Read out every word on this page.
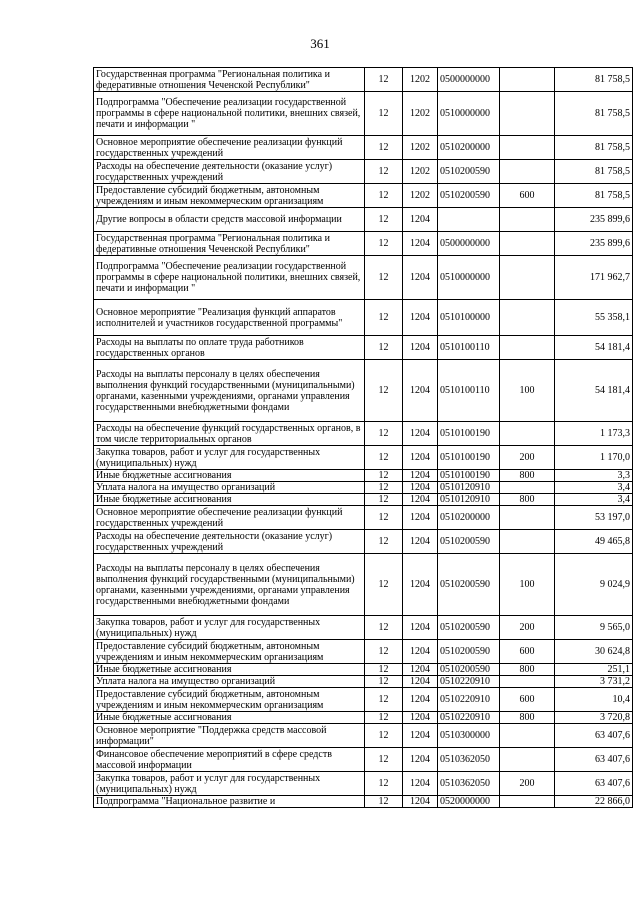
361
Государственная программа "Региональная политика и федеративные отношения Чеченской Республики"	12	1202	0500000000		81 758,5
Подпрограмма "Обеспечение реализации государственной программы в сфере национальной политики, внешних связей, печати и информации "	12	1202	0510000000		81 758,5
Основное мероприятие обеспечение реализации функций государственных учреждений	12	1202	0510200000		81 758,5
Расходы на обеспечение деятельности (оказание услуг) государственных учреждений	12	1202	0510200590		81 758,5
Предоставление субсидий бюджетным, автономным учреждениям и иным некоммерческим организациям	12	1202	0510200590	600	81 758,5
Другие вопросы в области средств массовой информации	12	1204			235 899,6
Государственная программа "Региональная политика и федеративные отношения Чеченской Республики"	12	1204	0500000000		235 899,6
Подпрограмма "Обеспечение реализации государственной программы в сфере национальной политики, внешних связей, печати и информации "	12	1204	0510000000		171 962,7
Основное мероприятие "Реализация функций аппаратов исполнителей и участников государственной программы"	12	1204	0510100000		55 358,1
Расходы на выплаты по оплате труда работников государственных органов	12	1204	0510100110		54 181,4
Расходы на выплаты персоналу в целях обеспечения выполнения функций государственными (муниципальными) органами, казенными учреждениями, органами управления государственными внебюджетными фондами	12	1204	0510100110	100	54 181,4
Расходы на обеспечение функций государственных органов, в том числе территориальных органов	12	1204	0510100190		1 173,3
Закупка товаров, работ и услуг для государственных (муниципальных) нужд	12	1204	0510100190	200	1 170,0
Иные бюджетные ассигнования	12	1204	0510100190	800	3,3
Уплата налога на имущество организаций	12	1204	0510120910		3,4
Иные бюджетные ассигнования	12	1204	0510120910	800	3,4
Основное мероприятие обеспечение реализации функций государственных учреждений	12	1204	0510200000		53 197,0
Расходы на обеспечение деятельности (оказание услуг) государственных учреждений	12	1204	0510200590		49 465,8
Расходы на выплаты персоналу в целях обеспечения выполнения функций государственными (муниципальными) органами, казенными учреждениями, органами управления государственными внебюджетными фондами	12	1204	0510200590	100	9 024,9
Закупка товаров, работ и услуг для государственных (муниципальных) нужд	12	1204	0510200590	200	9 565,0
Предоставление субсидий бюджетным, автономным учреждениям и иным некоммерческим организациям	12	1204	0510200590	600	30 624,8
Иные бюджетные ассигнования	12	1204	0510200590	800	251,1
Уплата налога на имущество организаций	12	1204	0510220910		3 731,2
Предоставление субсидий бюджетным, автономным учреждениям и иным некоммерческим организациям	12	1204	0510220910	600	10,4
Иные бюджетные ассигнования	12	1204	0510220910	800	3 720,8
Основное мероприятие "Поддержка средств массовой информации"	12	1204	0510300000		63 407,6
Финансовое обеспечение мероприятий в сфере средств массовой информации	12	1204	0510362050		63 407,6
Закупка товаров, работ и услуг для государственных (муниципальных) нужд	12	1204	0510362050	200	63 407,6
Подпрограмма "Национальное развитие и	12	1204	0520000000		22 866,0
